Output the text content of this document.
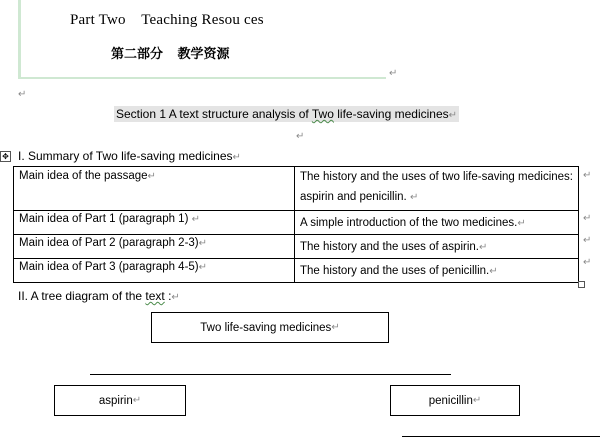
Part Two    Teaching Resou ces
第二部分    教学资源
↵
↵
Section 1 A text structure analysis of Two life-saving medicines↵
↵
✥ I. Summary of Two life-saving medicines↵
Main idea of the passage↵	The history and the uses of two life-saving medicines: aspirin and penicillin. ↵
Main idea of Part 1 (paragraph 1) ↵	A simple introduction of the two medicines.↵
Main idea of Part 2 (paragraph 2-3)↵	The history and the uses of aspirin.↵
Main idea of Part 3 (paragraph 4-5)↵	The history and the uses of penicillin.↵
↵
↵
↵
↵
II. A tree diagram of the text :↵
Two life-saving medicines ↵
aspirin ↵	penicillin ↵
